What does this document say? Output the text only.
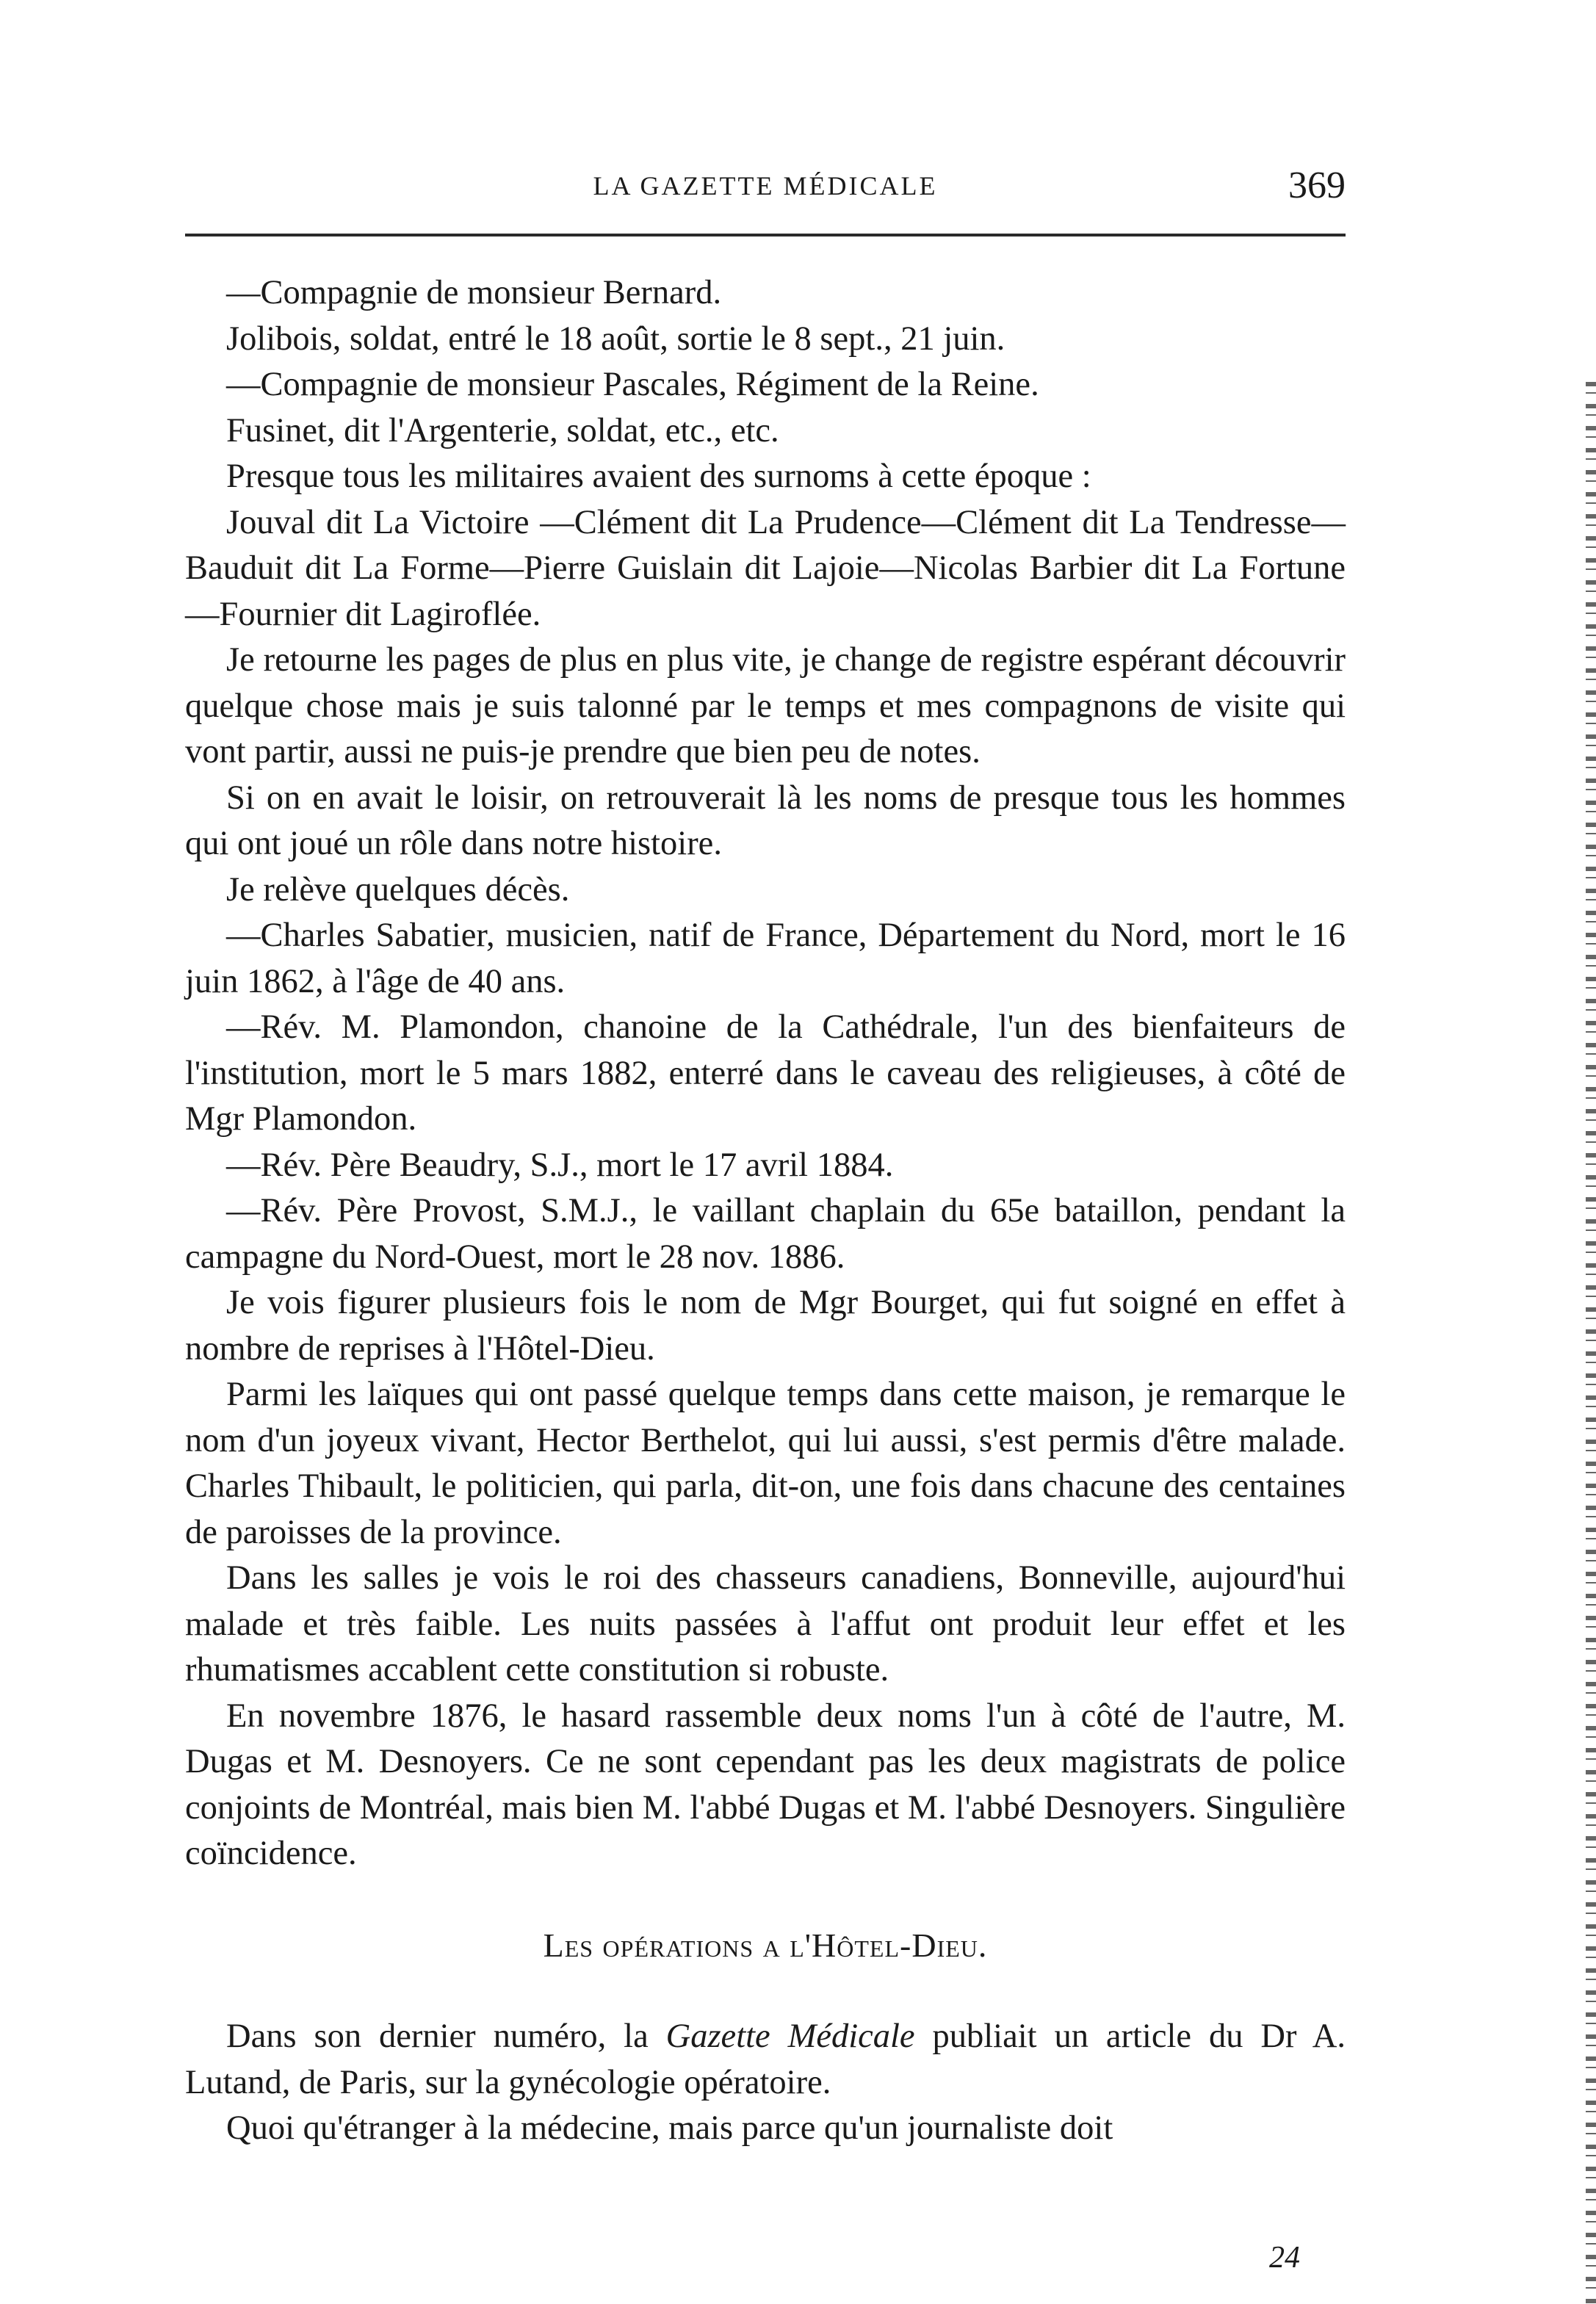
LA GAZETTE MÉDICALE	369

—Compagnie de monsieur Bernard.

Jolibois, soldat, entré le 18 août, sortie le 8 sept., 21 juin.

—Compagnie de monsieur Pascales, Régiment de la Reine.

Fusinet, dit l'Argenterie, soldat, etc., etc.

Presque tous les militaires avaient des surnoms à cette époque :

Jouval dit La Victoire —Clément dit La Prudence—Clément dit La Tendresse—Bauduit dit La Forme—Pierre Guislain dit Lajoie—Nicolas Barbier dit La Fortune—Fournier dit Lagiroflée.

Je retourne les pages de plus en plus vite, je change de registre espérant découvrir quelque chose mais je suis talonné par le temps et mes compagnons de visite qui vont partir, aussi ne puis-je prendre que bien peu de notes.

Si on en avait le loisir, on retrouverait là les noms de presque tous les hommes qui ont joué un rôle dans notre histoire.

Je relève quelques décès.

—Charles Sabatier, musicien, natif de France, Département du Nord, mort le 16 juin 1862, à l'âge de 40 ans.

—Rév. M. Plamondon, chanoine de la Cathédrale, l'un des bienfaiteurs de l'institution, mort le 5 mars 1882, enterré dans le caveau des religieuses, à côté de Mgr Plamondon.

—Rév. Père Beaudry, S.J., mort le 17 avril 1884.

—Rév. Père Provost, S.M.J., le vaillant chaplain du 65e bataillon, pendant la campagne du Nord-Ouest, mort le 28 nov. 1886.

Je vois figurer plusieurs fois le nom de Mgr Bourget, qui fut soigné en effet à nombre de reprises à l'Hôtel-Dieu.

Parmi les laïques qui ont passé quelque temps dans cette maison, je remarque le nom d'un joyeux vivant, Hector Berthelot, qui lui aussi, s'est permis d'être malade. Charles Thibault, le politicien, qui parla, dit-on, une fois dans chacune des centaines de paroisses de la province.

Dans les salles je vois le roi des chasseurs canadiens, Bonneville, aujourd'hui malade et très faible. Les nuits passées à l'affut ont produit leur effet et les rhumatismes accablent cette constitution si robuste.

En novembre 1876, le hasard rassemble deux noms l'un à côté de l'autre, M. Dugas et M. Desnoyers. Ce ne sont cependant pas les deux magistrats de police conjoints de Montréal, mais bien M. l'abbé Dugas et M. l'abbé Desnoyers. Singulière coïncidence.

Les opérations a l'Hôtel-Dieu.

Dans son dernier numéro, la Gazette Médicale publiait un article du Dr A. Lutand, de Paris, sur la gynécologie opératoire.

Quoi qu'étranger à la médecine, mais parce qu'un journaliste doit

24
